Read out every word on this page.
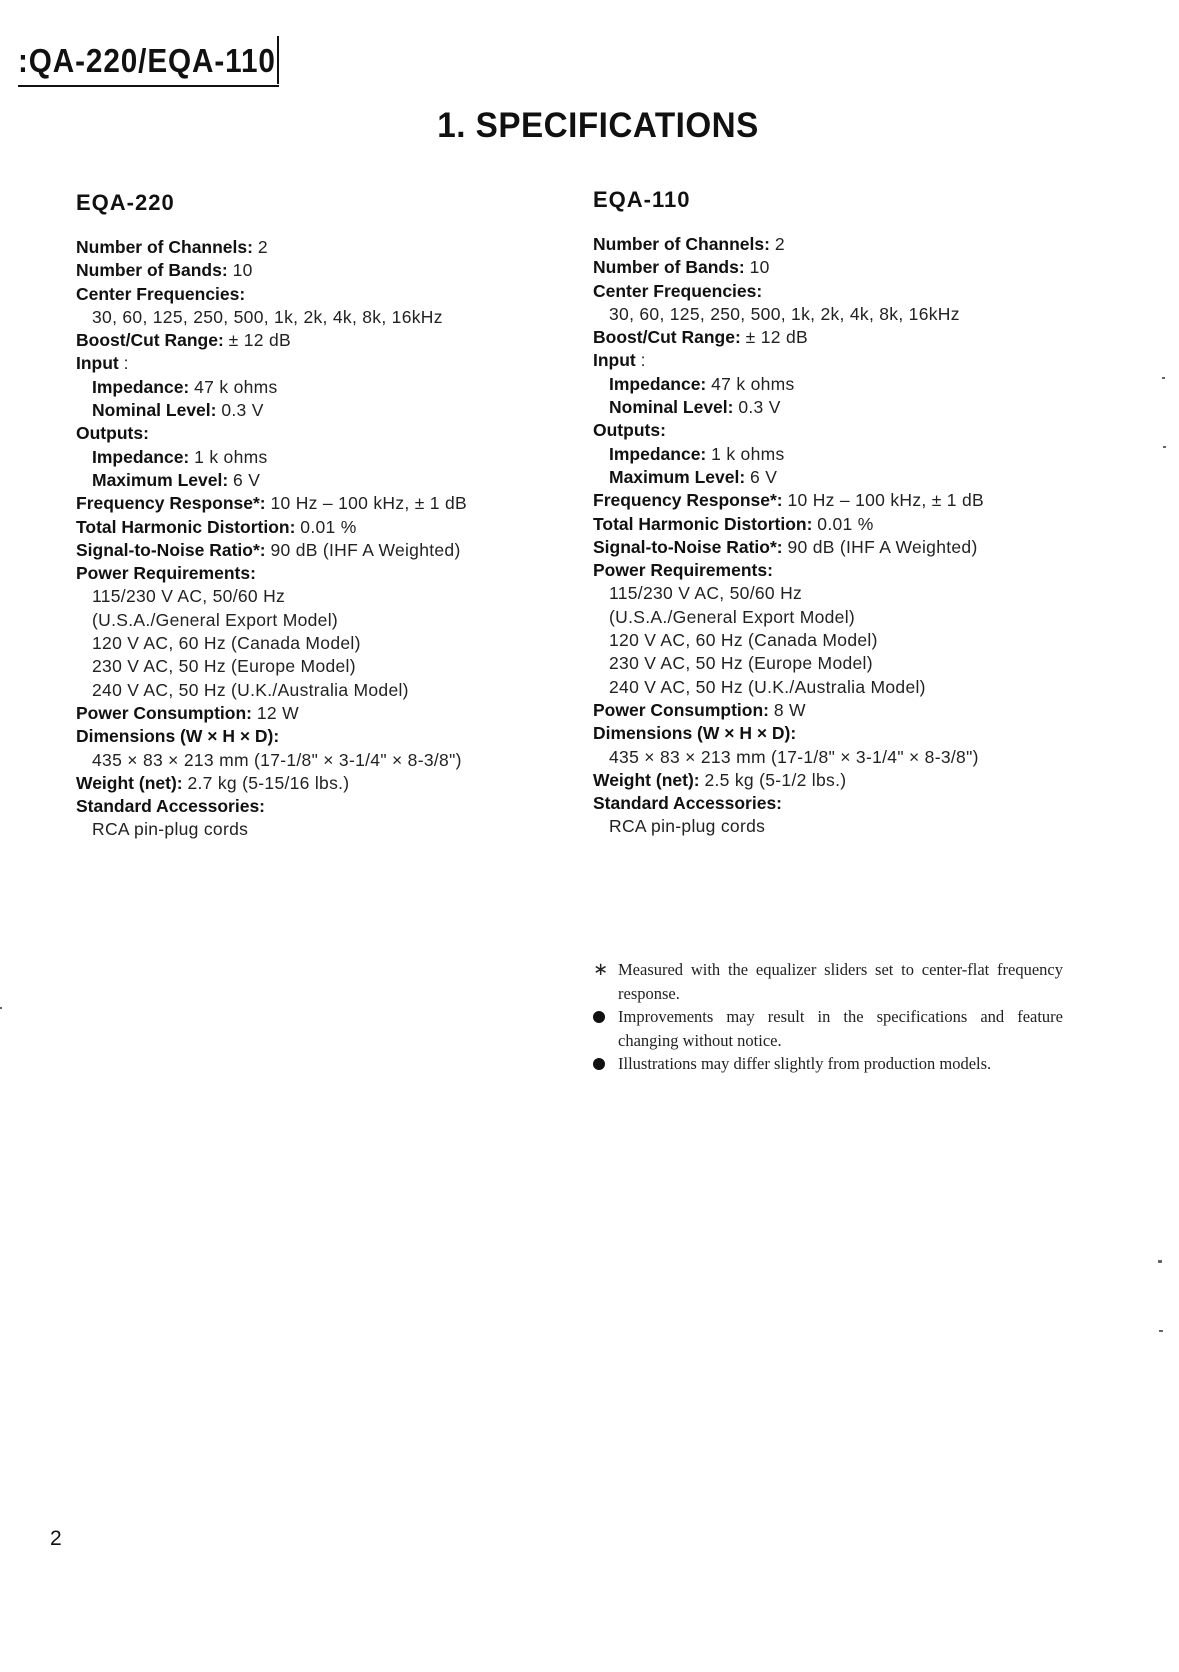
:QA-220/EQA-110
1. SPECIFICATIONS
EQA-220
Number of Channels: 2
Number of Bands: 10
Center Frequencies:
30, 60, 125, 250, 500, 1k, 2k, 4k, 8k, 16kHz
Boost/Cut Range: ± 12 dB
Input :
Impedance: 47 k ohms
Nominal Level: 0.3 V
Outputs:
Impedance: 1 k ohms
Maximum Level: 6 V
Frequency Response*: 10 Hz – 100 kHz, ± 1 dB
Total Harmonic Distortion: 0.01 %
Signal-to-Noise Ratio*: 90 dB (IHF A Weighted)
Power Requirements:
115/230 V AC, 50/60 Hz
(U.S.A./General Export Model)
120 V AC, 60 Hz (Canada Model)
230 V AC, 50 Hz (Europe Model)
240 V AC, 50 Hz (U.K./Australia Model)
Power Consumption: 12 W
Dimensions (W × H × D):
435 × 83 × 213 mm (17-1/8" × 3-1/4" × 8-3/8")
Weight (net): 2.7 kg (5-15/16 lbs.)
Standard Accessories:
RCA pin-plug cords
EQA-110
Number of Channels: 2
Number of Bands: 10
Center Frequencies:
30, 60, 125, 250, 500, 1k, 2k, 4k, 8k, 16kHz
Boost/Cut Range: ± 12 dB
Input :
Impedance: 47 k ohms
Nominal Level: 0.3 V
Outputs:
Impedance: 1 k ohms
Maximum Level: 6 V
Frequency Response*: 10 Hz – 100 kHz, ± 1 dB
Total Harmonic Distortion: 0.01 %
Signal-to-Noise Ratio*: 90 dB (IHF A Weighted)
Power Requirements:
115/230 V AC, 50/60 Hz
(U.S.A./General Export Model)
120 V AC, 60 Hz (Canada Model)
230 V AC, 50 Hz (Europe Model)
240 V AC, 50 Hz (U.K./Australia Model)
Power Consumption: 8 W
Dimensions (W × H × D):
435 × 83 × 213 mm (17-1/8" × 3-1/4" × 8-3/8")
Weight (net): 2.5 kg (5-1/2 lbs.)
Standard Accessories:
RCA pin-plug cords
∗ Measured with the equalizer sliders set to center-flat frequency response.
Improvements may result in the specifications and feature changing without notice.
Illustrations may differ slightly from production models.
2
